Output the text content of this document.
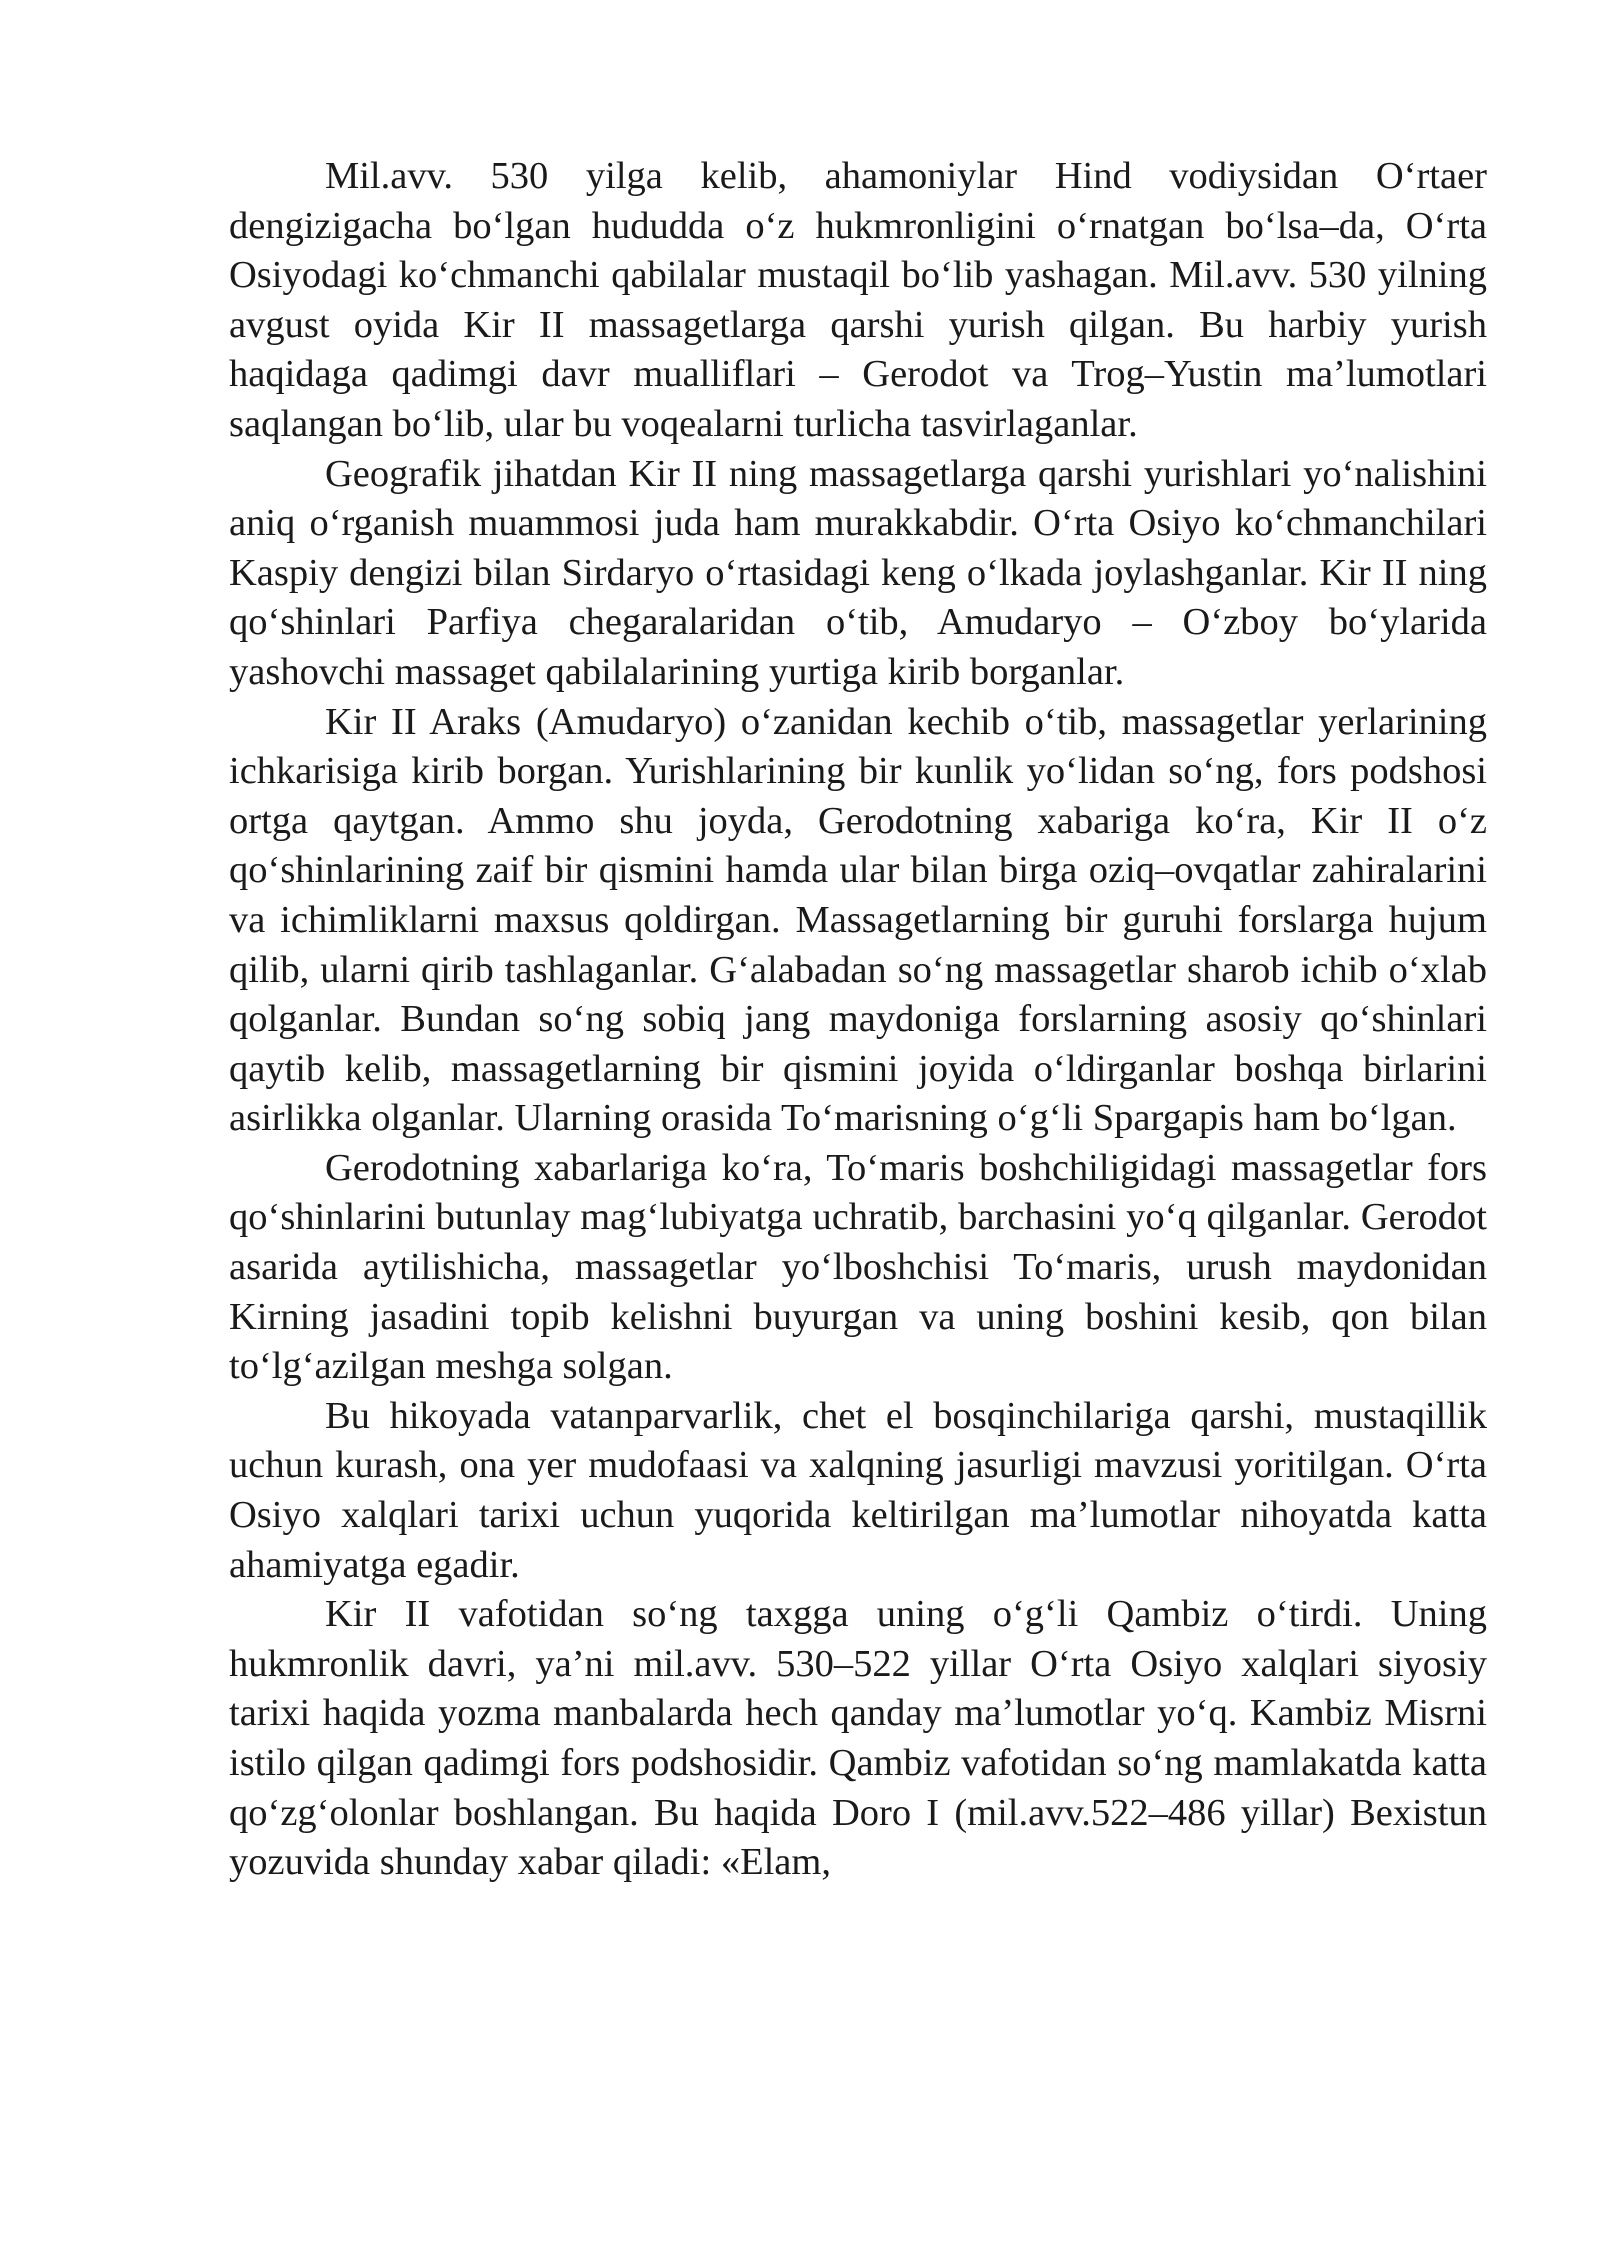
Mil.avv. 530 yilga kelib, ahamoniylar Hind vodiysidan O‘rtaer dengizigacha bo‘lgan hududda o‘z hukmronligini o‘rnatgan bo‘lsa–da, O‘rta Osiyodagi ko‘chmanchi qabilalar mustaqil bo‘lib yashagan. Mil.avv. 530 yilning avgust oyida Kir II massagetlarga qarshi yurish qilgan. Bu harbiy yurish haqidaga qadimgi davr mualliflari – Gerodot va Trog–Yustin ma’lumotlari saqlangan bo‘lib, ular bu voqealarni turlicha tasvirlaganlar.

Geografik jihatdan Kir II ning massagetlarga qarshi yurishlari yo‘nalishini aniq o‘rganish muammosi juda ham murakkabdir. O‘rta Osiyo ko‘chmanchilari Kaspiy dengizi bilan Sirdaryo o‘rtasidagi keng o‘lkada joylashganlar. Kir II ning qo‘shinlari Parfiya chegaralaridan o‘tib, Amudaryo – O‘zboy bo‘ylarida yashovchi massaget qabilalarining yurtiga kirib borganlar.

Kir II Araks (Amudaryo) o‘zanidan kechib o‘tib, massagetlar yerlarining ichkarisiga kirib borgan. Yurishlarining bir kunlik yo‘lidan so‘ng, fors podshosi ortga qaytgan. Ammo shu joyda, Gerodotning xabariga ko‘ra, Kir II o‘z qo‘shinlarining zaif bir qismini hamda ular bilan birga oziq–ovqatlar zahiralarini va ichimliklarni maxsus qoldirgan. Massagetlarning bir guruhi forslarga hujum qilib, ularni qirib tashlaganlar. G‘alabadan so‘ng massagetlar sharob ichib o‘xlab qolganlar. Bundan so‘ng sobiq jang maydoniga forslarning asosiy qo‘shinlari qaytib kelib, massagetlarning bir qismini joyida o‘ldirganlar boshqa birlarini asirlikka olganlar. Ularning orasida To‘marisning o‘g‘li Spargapis ham bo‘lgan.

Gerodotning xabarlariga ko‘ra, To‘maris boshchiligidagi massagetlar fors qo‘shinlarini butunlay mag‘lubiyatga uchratib, barchasini yo‘q qilganlar. Gerodot asarida aytilishicha, massagetlar yo‘lboshchisi To‘maris, urush maydonidan Kirning jasadini topib kelishni buyurgan va uning boshini kesib, qon bilan to‘lg‘azilgan meshga solgan.

Bu hikoyada vatanparvarlik, chet el bosqinchilariga qarshi, mustaqillik uchun kurash, ona yer mudofaasi va xalqning jasurligi mavzusi yoritilgan. O‘rta Osiyo xalqlari tarixi uchun yuqorida keltirilgan ma’lumotlar nihoyatda katta ahamiyatga egadir.

Kir II vafotidan so‘ng taxgga uning o‘g‘li Qambiz o‘tirdi. Uning hukmronlik davri, ya’ni mil.avv. 530–522 yillar O‘rta Osiyo xalqlari siyosiy tarixi haqida yozma manbalarda hech qanday ma’lumotlar yo‘q. Kambiz Misrni istilo qilgan qadimgi fors podshosidir. Qambiz vafotidan so‘ng mamlakatda katta qo‘zg‘olonlar boshlangan. Bu haqida Doro I (mil.avv.522–486 yillar) Bexistun yozuvida shunday xabar qiladi: «Elam,
